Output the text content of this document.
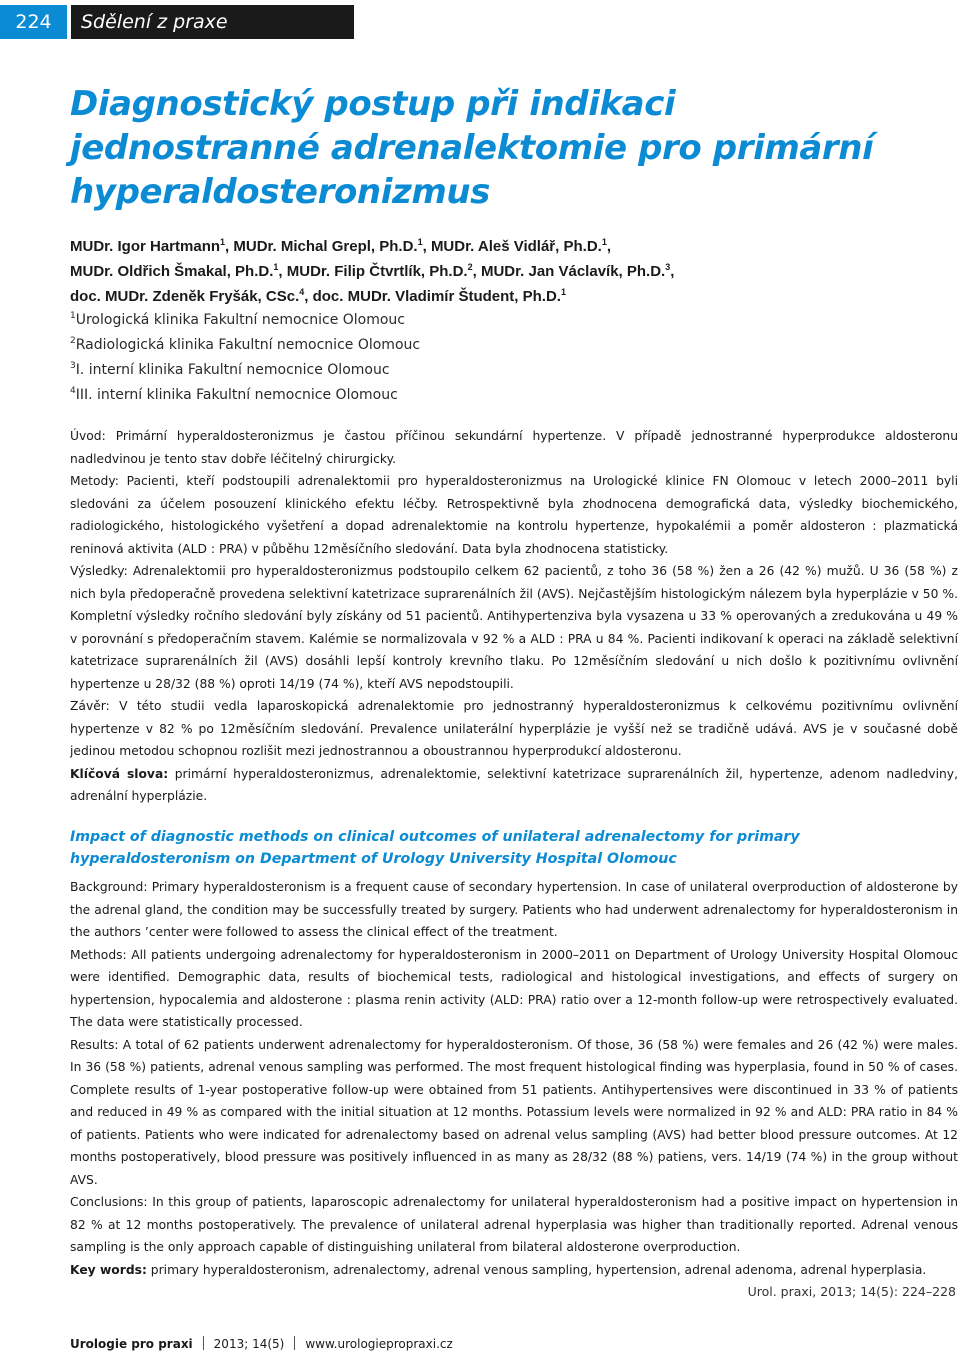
224	Sdělení z praxe
Diagnostický postup při indikaci jednostranné adrenalektomie pro primární hyperaldosteronizmus

MUDr. Igor Hartmann$^1$, MUDr. Michal Grepl, Ph.D.$^1$, MUDr. Aleš Vidlář, Ph.D.$^1$,

MUDr. Oldřich Šmakal, Ph.D.$^1$, MUDr. Filip Čtvrtlík, Ph.D.$^2$, MUDr. Jan Václavík, Ph.D.$^3$,

doc. MUDr. Zdeněk Fryšák, CSc.$^4$, doc. MUDr. Vladimír Študent, Ph.D.$^1$

$^1$Urologická klinika Fakultní nemocnice Olomouc

$^2$Radiologická klinika Fakultní nemocnice Olomouc

$^3$I. interní klinika Fakultní nemocnice Olomouc

$^4$III. interní klinika Fakultní nemocnice Olomouc

Úvod: Primární hyperaldosteronizmus je častou příčinou sekundární hypertenze. V případě jednostranné hyperprodukce aldosteronu nadledvinou je tento stav dobře léčitelný chirurgicky.

Metody: Pacienti, kteří podstoupili adrenalektomii pro hyperaldosteronizmus na Urologické klinice FN Olomouc v letech 2000–2011 byli sledováni za účelem posouzení klinického efektu léčby. Retrospektivně byla zhodnocena demografická data, výsledky biochemického, radiologického, histologického vyšetření a dopad adrenalektomie na kontrolu hypertenze, hypokalémii a poměr aldosteron : plazmatická reninová aktivita (ALD : PRA) v půběhu 12měsíčního sledování. Data byla zhodnocena statisticky.

Výsledky: Adrenalektomii pro hyperaldosteronizmus podstoupilo celkem 62 pacientů, z toho 36 (58 %) žen a 26 (42 %) mužů. U 36 (58 %) z nich byla předoperačně provedena selektivní katetrizace suprarenálních žil (AVS). Nejčastějším histologickým nálezem byla hyperplázie v 50 %. Kompletní výsledky ročního sledování byly získány od 51 pacientů. Antihypertenziva byla vysazena u 33 % operovaných a zredukována u 49 % v porovnání s předoperačním stavem. Kalémie se normalizovala v 92 % a ALD : PRA u 84 %. Pacienti indikovaní k operaci na základě selektivní katetrizace suprarenálních žil (AVS) dosáhli lepší kontroly krevního tlaku. Po 12měsíčním sledování u nich došlo k pozitivnímu ovlivnění hypertenze u 28/32 (88 %) oproti 14/19 (74 %), kteří AVS nepodstoupili.

Závěr: V této studii vedla laparoskopická adrenalektomie pro jednostranný hyperaldosteronizmus k celkovému pozitivnímu ovlivnění hypertenze v 82 % po 12měsíčním sledování. Prevalence unilaterální hyperplázie je vyšší než se tradičně udává. AVS je v současné době jedinou metodou schopnou rozlišit mezi jednostrannou a oboustrannou hyperprodukcí aldosteronu.

Klíčová slova: primární hyperaldosteronizmus, adrenalektomie, selektivní katetrizace suprarenálních žil, hypertenze, adenom nadledviny, adrenální hyperplázie.

Impact of diagnostic methods on clinical outcomes of unilateral adrenalectomy for primary hyperaldosteronism on Department of Urology University Hospital Olomouc

Background: Primary hyperaldosteronism is a frequent cause of secondary hypertension. In case of unilateral overproduction of aldosterone by the adrenal gland, the condition may be successfully treated by surgery. Patients who had underwent adrenalectomy for hyperaldosteronism in the authors ’center were followed to assess the clinical effect of the treatment.

Methods: All patients undergoing adrenalectomy for hyperaldosteronism in 2000–2011 on Department of Urology University Hospital Olomouc were identified. Demographic data, results of biochemical tests, radiological and histological investigations, and effects of surgery on hypertension, hypocalemia and aldosterone : plasma renin activity (ALD: PRA) ratio over a 12-month follow-up were retrospectively evaluated. The data were statistically processed.

Results: A total of 62 patients underwent adrenalectomy for hyperaldosteronism. Of those, 36 (58 %) were females and 26 (42 %) were males. In 36 (58 %) patients, adrenal venous sampling was performed. The most frequent histological finding was hyperplasia, found in 50 % of cases. Complete results of 1-year postoperative follow-up were obtained from 51 patients. Antihypertensives were discontinued in 33 % of patients and reduced in 49 % as compared with the initial situation at 12 months. Potassium levels were normalized in 92 % and ALD: PRA ratio in 84 % of patients. Patients who were indicated for adrenalectomy based on adrenal velus sampling (AVS) had better blood pressure outcomes. At 12 months postoperatively, blood pressure was positively influenced in as many as 28/32 (88 %) patiens, vers. 14/19 (74 %) in the group without AVS.

Conclusions: In this group of patients, laparoscopic adrenalectomy for unilateral hyperaldosteronism had a positive impact on hypertension in 82 % at 12 months postoperatively. The prevalence of unilateral adrenal hyperplasia was higher than traditionally reported. Adrenal venous sampling is the only approach capable of distinguishing unilateral from bilateral aldosterone overproduction.

Key words: primary hyperaldosteronism, adrenalectomy, adrenal venous sampling, hypertension, adrenal adenoma, adrenal hyperplasia.

Urol. praxi, 2013; 14(5): 224–228
Urologie pro praxi 2013; 14(5) www.urologiepropraxi.cz
